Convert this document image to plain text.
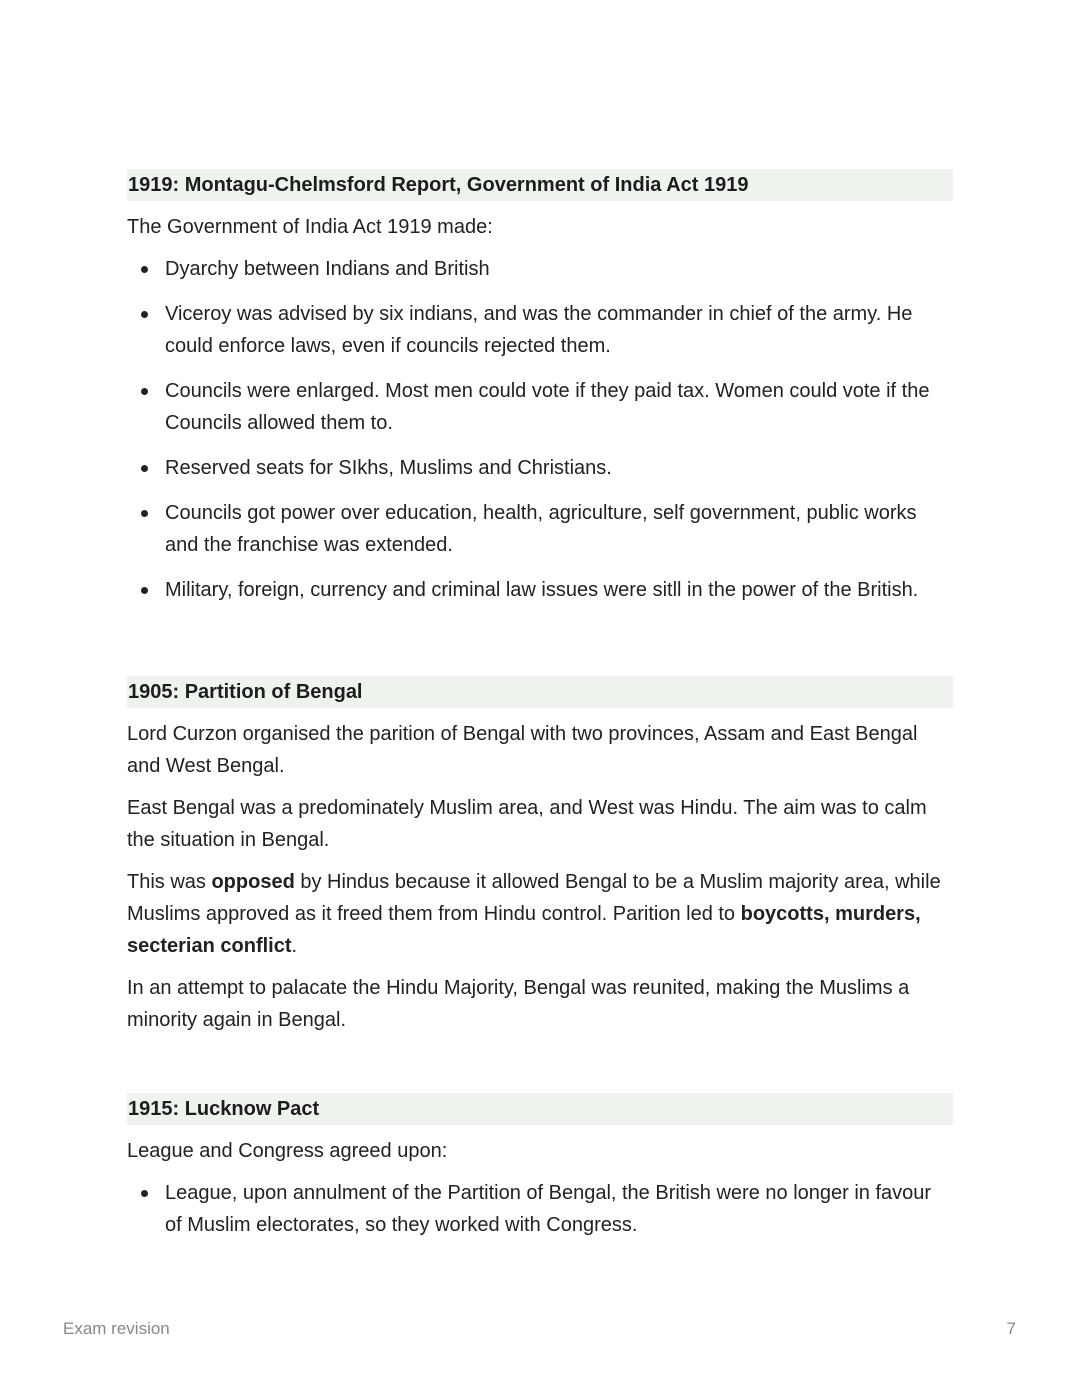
1919: Montagu-Chelmsford Report, Government of India Act 1919

The Government of India Act 1919 made:

Dyarchy between Indians and British
Viceroy was advised by six indians, and was the commander in chief of the army. He could enforce laws, even if councils rejected them.
Councils were enlarged. Most men could vote if they paid tax. Women could vote if the Councils allowed them to.
Reserved seats for SIkhs, Muslims and Christians.
Councils got power over education, health, agriculture, self government, public works and the franchise was extended.
Military, foreign, currency and criminal law issues were sitll in the power of the British.
1905: Partition of Bengal

Lord Curzon organised the parition of Bengal with two provinces, Assam and East Bengal and West Bengal.

East Bengal was a predominately Muslim area, and West was Hindu. The aim was to calm the situation in Bengal.

This was opposed by Hindus because it allowed Bengal to be a Muslim majority area, while Muslims approved as it freed them from Hindu control. Parition led to boycotts, murders, secterian conflict.

In an attempt to palacate the Hindu Majority, Bengal was reunited, making the Muslims a minority again in Bengal.

1915: Lucknow Pact

League and Congress agreed upon:

League, upon annulment of the Partition of Bengal, the British were no longer in favour of Muslim electorates, so they worked with Congress.
Exam revision	7
